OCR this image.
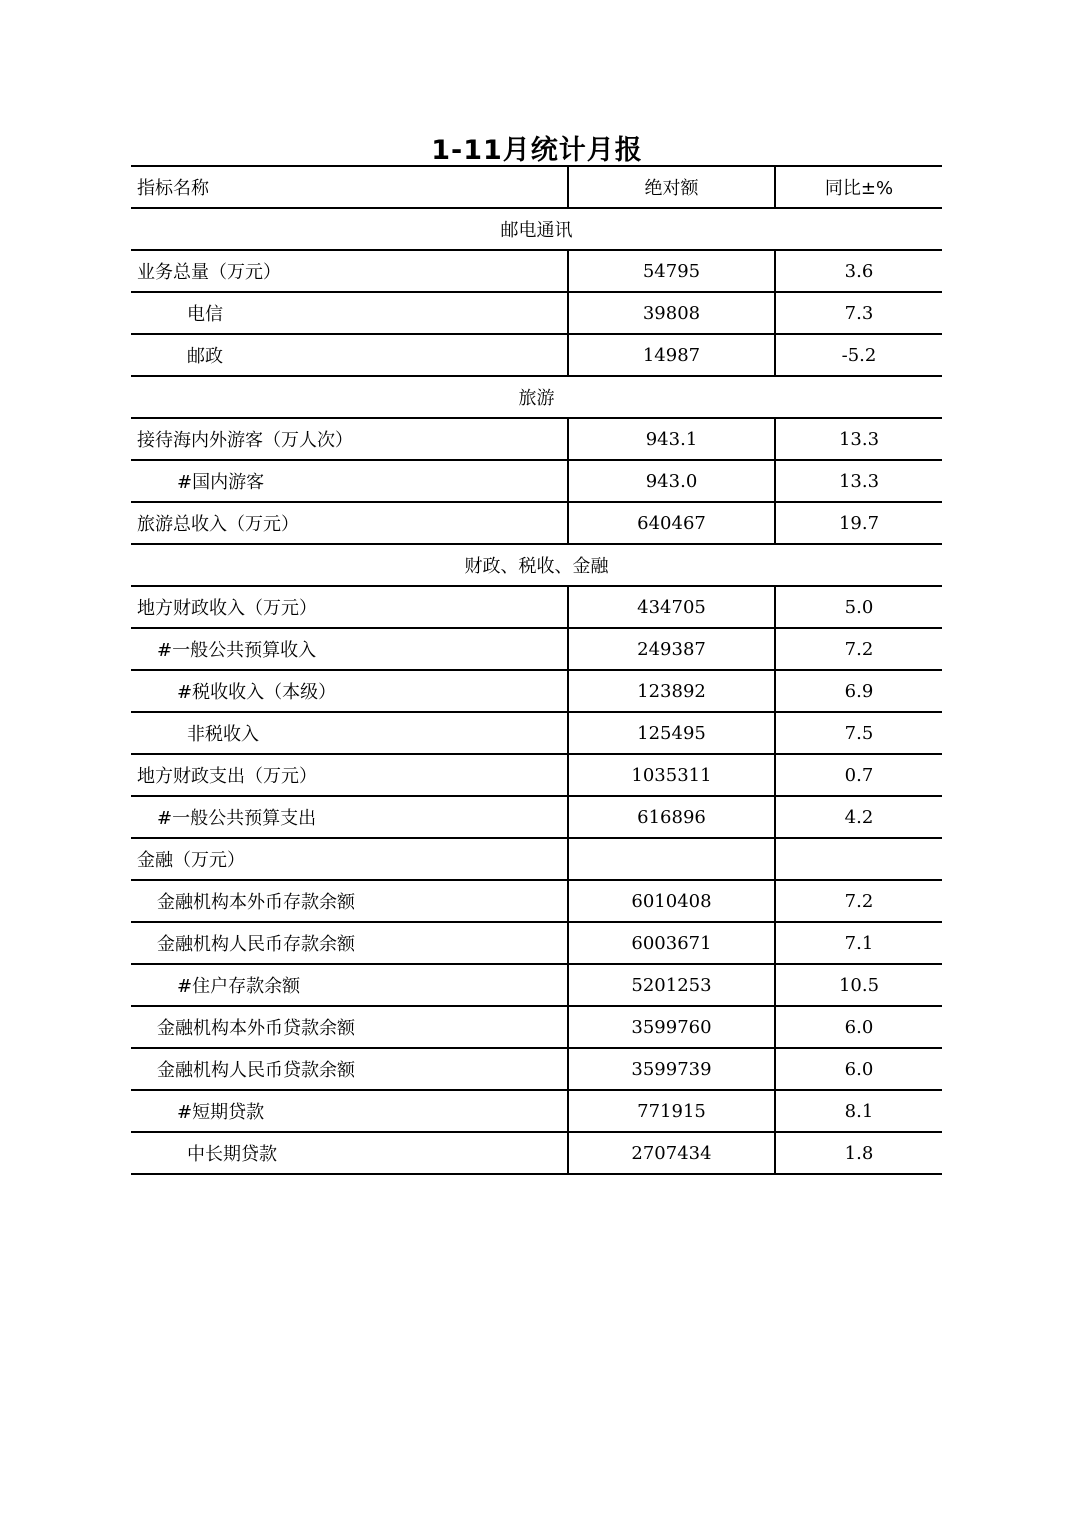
1-11月统计月报
指标名称	绝对额	同比±%
邮电通讯		
业务总量（万元）	54795	3.6
电信	39808	7.3
邮政	14987	-5.2
旅游		
接待海内外游客（万人次）	943.1	13.3
#国内游客	943.0	13.3
旅游总收入（万元）	640467	19.7
财政、税收、金融		
地方财政收入（万元）	434705	5.0
#一般公共预算收入	249387	7.2
#税收收入（本级）	123892	6.9
非税收入	125495	7.5
地方财政支出（万元）	1035311	0.7
#一般公共预算支出	616896	4.2
金融（万元）		
金融机构本外币存款余额	6010408	7.2
金融机构人民币存款余额	6003671	7.1
#住户存款余额	5201253	10.5
金融机构本外币贷款余额	3599760	6.0
金融机构人民币贷款余额	3599739	6.0
#短期贷款	771915	8.1
中长期贷款	2707434	1.8
